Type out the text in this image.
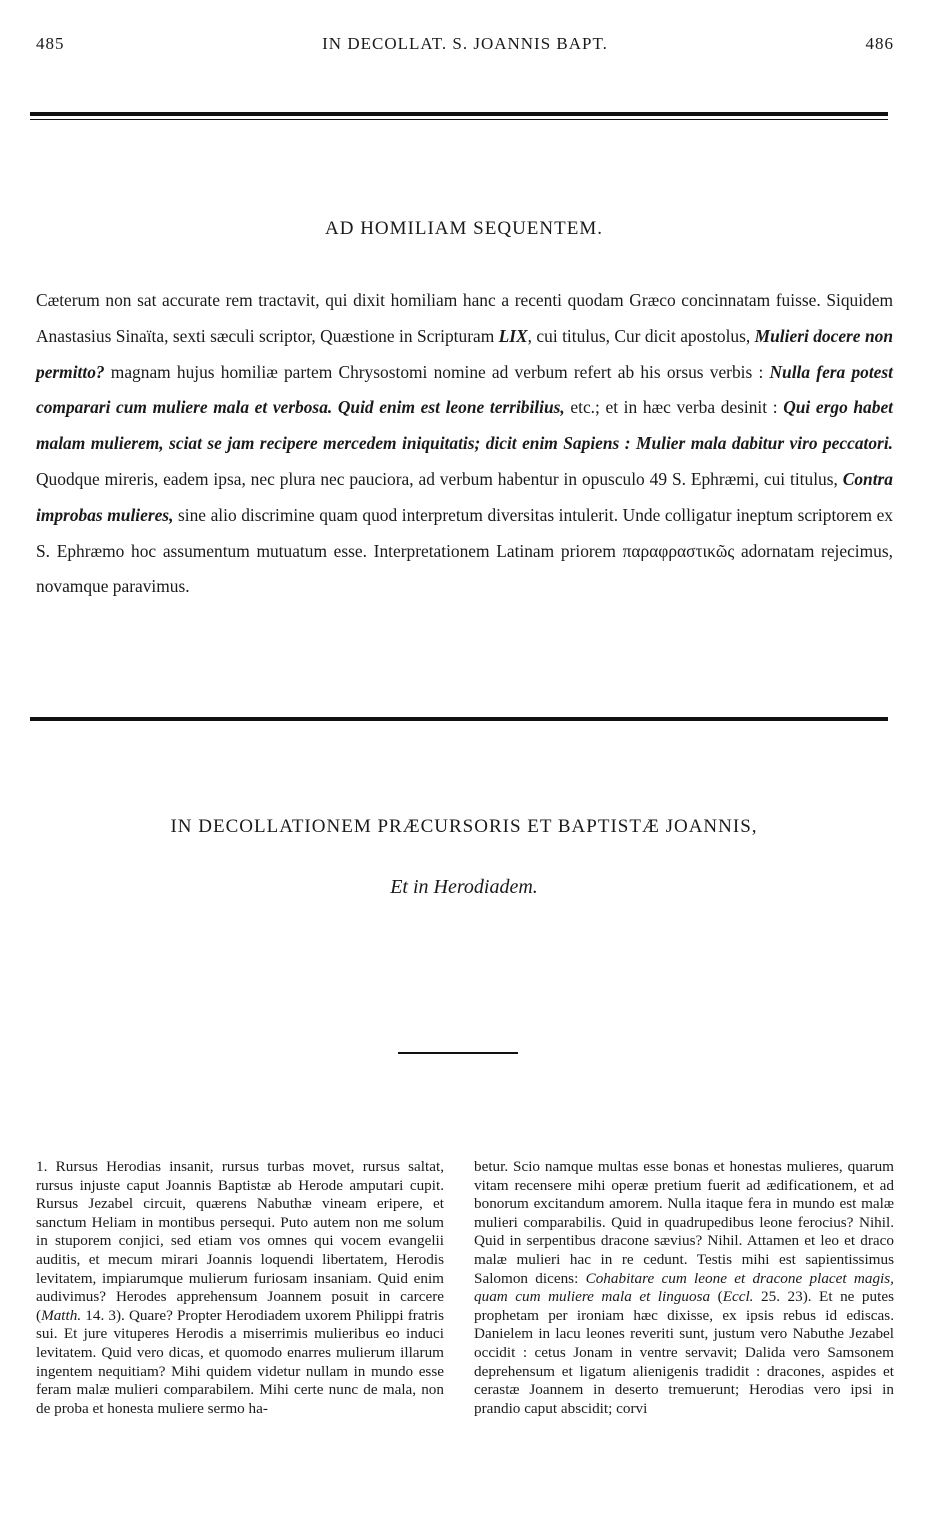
485	IN DECOLLAT. S. JOANNIS BAPT.	486
AD HOMILIAM SEQUENTEM.

Cæterum non sat accurate rem tractavit, qui dixit homiliam hanc a recenti quodam Græco concinnatam fuisse. Siquidem Anastasius Sinaïta, sexti sæculi scriptor, Quæstione in Scripturam LIX, cui titulus, Cur dicit apostolus, Mulieri docere non permitto? magnam hujus homiliæ partem Chrysostomi nomine ad verbum refert ab his orsus verbis : Nulla fera potest comparari cum muliere mala et verbosa. Quid enim est leone terribilius, etc.; et in hæc verba desinit : Qui ergo habet malam mulierem, sciat se jam recipere mercedem iniquitatis; dicit enim Sapiens : Mulier mala dabitur viro peccatori. Quodque mireris, eadem ipsa, nec plura nec pauciora, ad verbum habentur in opusculo 49 S. Ephræmi, cui titulus, Contra improbas mulieres, sine alio discrimine quam quod interpretum diversitas intulerit. Unde colligatur ineptum scriptorem ex S. Ephræmo hoc assumentum mutuatum esse. Interpretationem Latinam priorem παραφραστικῶς adornatam rejecimus, novamque paravimus.

IN DECOLLATIONEM PRÆCURSORIS ET BAPTISTÆ JOANNIS,
Et in Herodiadem.

1. Rursus Herodias insanit, rursus turbas movet, rursus saltat, rursus injuste caput Joannis Baptistæ ab Herode amputari cupit. Rursus Jezabel circuit, quærens Nabuthæ vineam eripere, et sanctum Heliam in montibus persequi. Puto autem non me solum in stuporem conjici, sed etiam vos omnes qui vocem evangelii auditis, et mecum mirari Joannis loquendi libertatem, Herodis levitatem, impiarumque mulierum furiosam insaniam. Quid enim audivimus? Herodes apprehensum Joannem posuit in carcere (Matth. 14. 3). Quare? Propter Herodiadem uxorem Philippi fratris sui. Et jure vituperes Herodis a miserrimis mulieribus eo induci levitatem. Quid vero dicas, et quomodo enarres mulierum illarum ingentem nequitiam? Mihi quidem videtur nullam in mundo esse feram malæ mulieri comparabilem. Mihi certe nunc de mala, non de proba et honesta muliere sermo ha-

betur. Scio namque multas esse bonas et honestas mulieres, quarum vitam recensere mihi operæ pretium fuerit ad ædificationem, et ad bonorum excitandum amorem. Nulla itaque fera in mundo est malæ mulieri comparabilis. Quid in quadrupedibus leone ferocius? Nihil. Quid in serpentibus dracone sævius? Nihil. Attamen et leo et draco malæ mulieri hac in re cedunt. Testis mihi est sapientissimus Salomon dicens: Cohabitare cum leone et dracone placet magis, quam cum muliere mala et linguosa (Eccl. 25. 23). Et ne putes prophetam per ironiam hæc dixisse, ex ipsis rebus id ediscas. Danielem in lacu leones reveriti sunt, justum vero Nabuthe Jezabel occidit : cetus Jonam in ventre servavit; Dalida vero Samsonem deprehensum et ligatum alienigenis tradidit : dracones, aspides et cerastæ Joannem in deserto tremuerunt; Herodias vero ipsi in prandio caput abscidit; corvi
